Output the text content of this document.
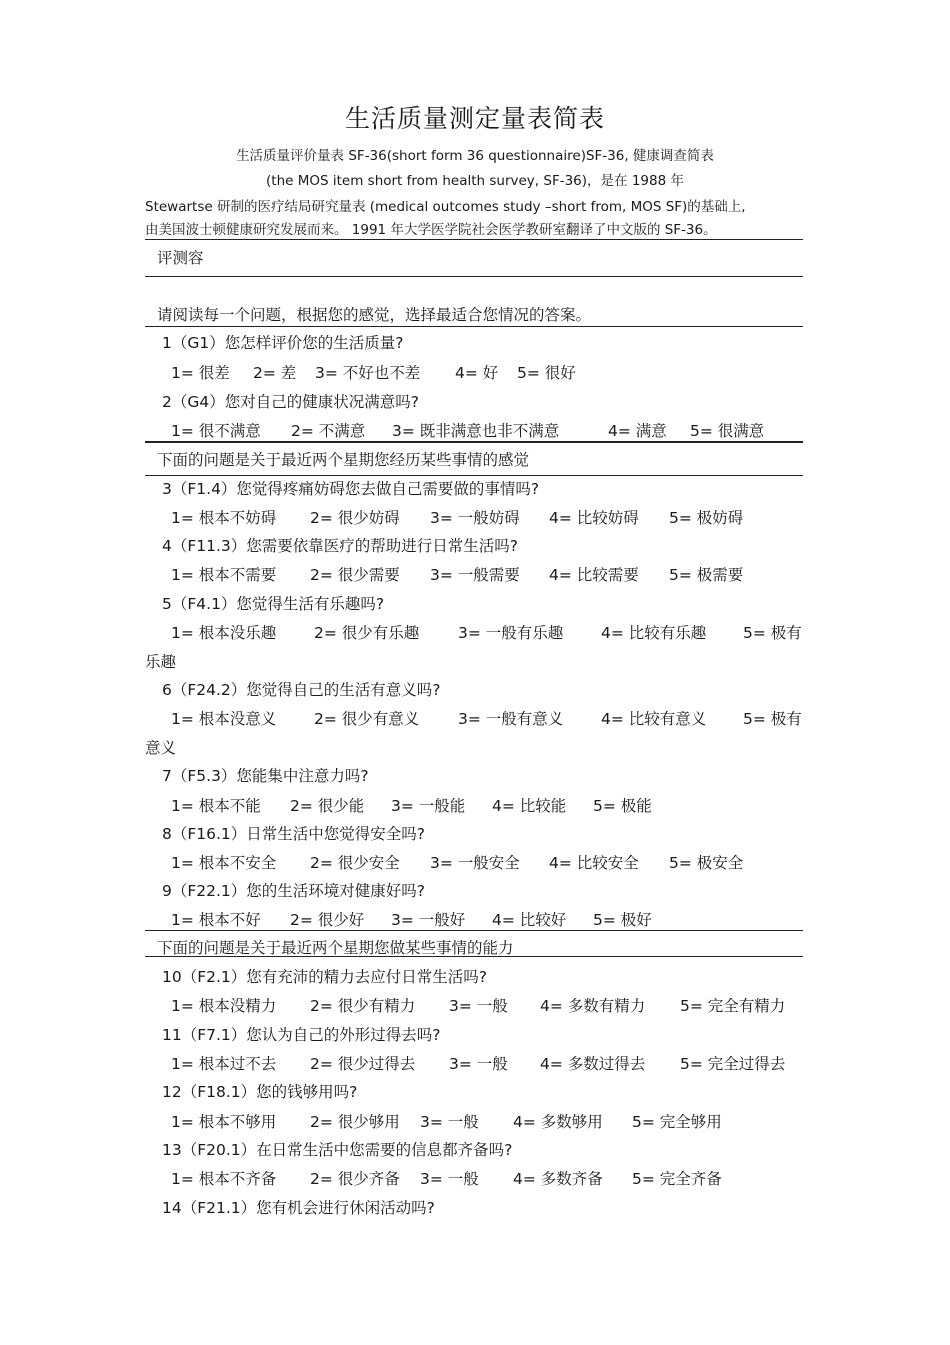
生活质量测定量表简表
生活质量评价量表 SF-36(short form 36 questionnaire)SF-36, 健康调查简表
(the MOS item short from health survey, SF-36)，是在 1988 年
Stewartse 研制的医疗结局研究量表 (medical outcomes study –short from, MOS SF)的基础上,
由美国波士顿健康研究发展而来。 1991 年大学医学院社会医学教研室翻译了中文版的 SF-36。
评测容
请阅读每一个问题，根据您的感觉，选择最适合您情况的答案。
1（G1）您怎样评价您的生活质量?
1= 很差 2= 差 3= 不好也不差 4= 好 5= 很好
2（G4）您对自己的健康状况满意吗?
1= 很不满意 2= 不满意 3= 既非满意也非不满意	4= 满意 5= 很满意
下面的问题是关于最近两个星期您经历某些事情的感觉
3（F1.4）您觉得疼痛妨碍您去做自己需要做的事情吗?
1= 根本不妨碍 2= 很少妨碍 3= 一般妨碍 4= 比较妨碍 5= 极妨碍
4（F11.3）您需要依靠医疗的帮助进行日常生活吗?
1= 根本不需要 2= 很少需要 3= 一般需要 4= 比较需要 5= 极需要
5（F4.1）您觉得生活有乐趣吗?
1= 根本没乐趣 2= 很少有乐趣 3= 一般有乐趣 4= 比较有乐趣 5= 极有
乐趣
6（F24.2）您觉得自己的生活有意义吗?
1= 根本没意义 2= 很少有意义 3= 一般有意义 4= 比较有意义 5= 极有
意义
7（F5.3）您能集中注意力吗?
1= 根本不能 2= 很少能 3= 一般能 4= 比较能 5= 极能
8（F16.1）日常生活中您觉得安全吗?
1= 根本不安全 2= 很少安全 3= 一般安全 4= 比较安全 5= 极安全
9（F22.1）您的生活环境对健康好吗?
1= 根本不好 2= 很少好 3= 一般好 4= 比较好 5= 极好
下面的问题是关于最近两个星期您做某些事情的能力
10（F2.1）您有充沛的精力去应付日常生活吗?
1= 根本没精力 2= 很少有精力 3= 一般 4= 多数有精力 5= 完全有精力
11（F7.1）您认为自己的外形过得去吗?
1= 根本过不去 2= 很少过得去 3= 一般 4= 多数过得去 5= 完全过得去
12（F18.1）您的钱够用吗?
1= 根本不够用 2= 很少够用 3= 一般 4= 多数够用 5= 完全够用
13（F20.1）在日常生活中您需要的信息都齐备吗?
1= 根本不齐备 2= 很少齐备 3= 一般 4= 多数齐备 5= 完全齐备
14（F21.1）您有机会进行休闲活动吗?
